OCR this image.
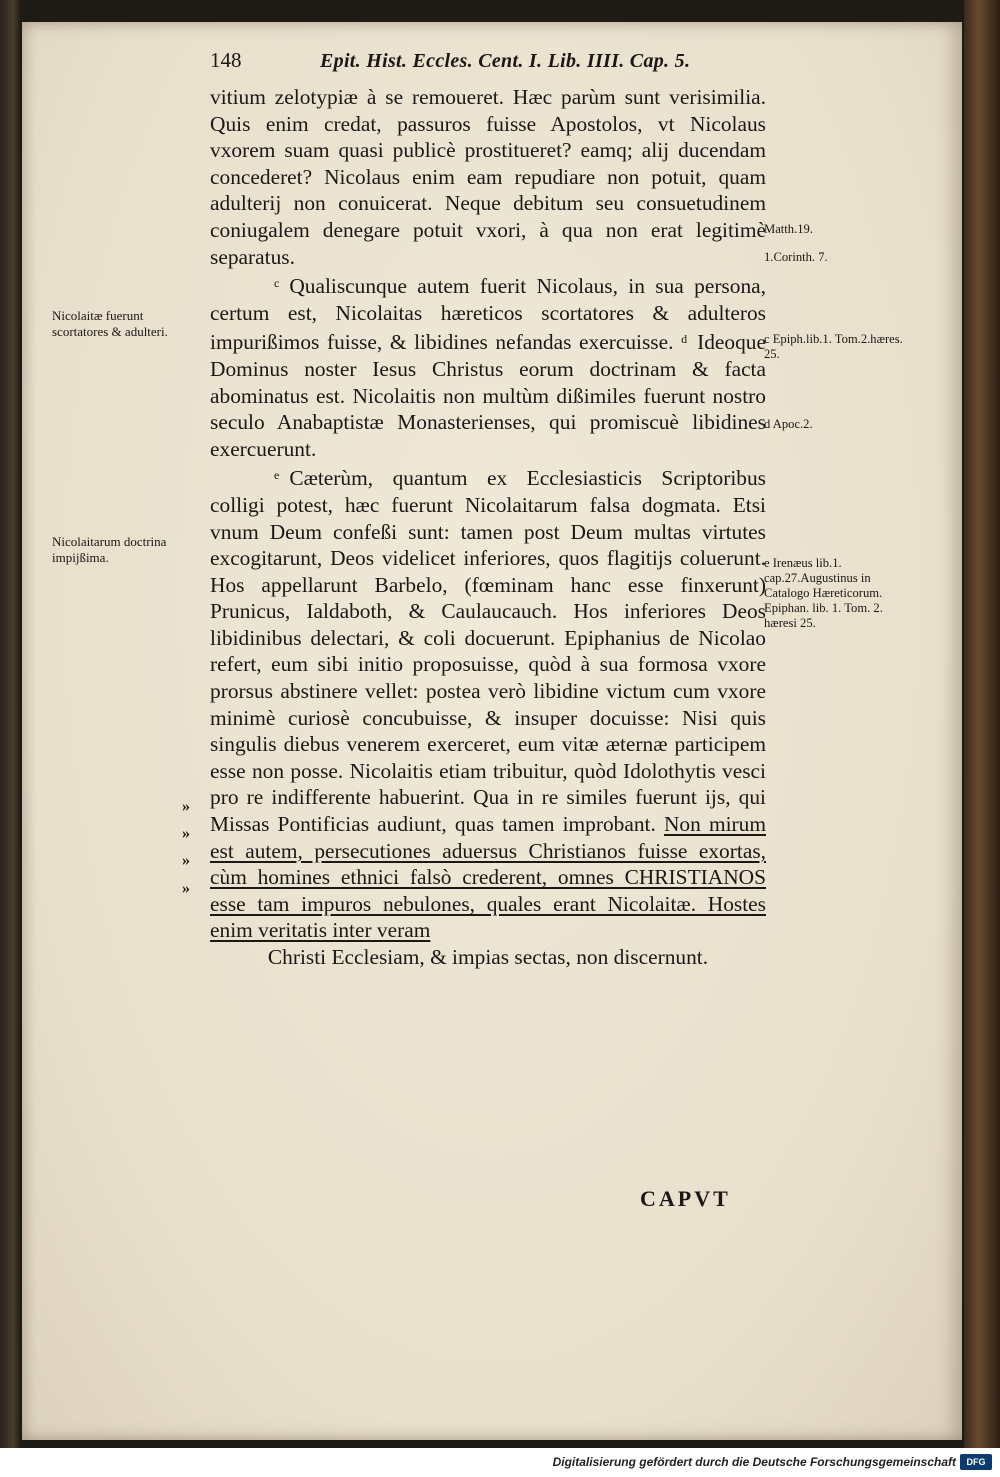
148	Epit. Hist. Eccles. Cent. I. Lib. IIII. Cap. 5.

vitium zelotypiæ à se remoueret. Hæc parùm sunt verisimilia. Quis enim credat, passuros fuisse Apostolos, vt Nicolaus vxorem suam quasi publicè prostitueret? eamq; alij ducendam concederet? Nicolaus enim eam repudiare non potuit, quam adulterij non conuicerat. Neque debitum seu consuetudinem coniugalem denegare potuit vxori, à qua non erat legitimè separatus.

$^c$ Qualiscunque autem fuerit Nicolaus, in sua persona, certum est, Nicolaitas hæreticos scortatores & adulteros impurißimos fuisse, & libidines nefandas exercuisse. $^d$ Ideoque Dominus noster Iesus Christus eorum doctrinam & facta abominatus est. Nicolaitis non multùm dißimiles fuerunt nostro seculo Anabaptistæ Monasterienses, qui promiscuè libidines exercuerunt.

$^e$ Cæterùm, quantum ex Ecclesiasticis Scriptoribus colligi potest, hæc fuerunt Nicolaitarum falsa dogmata. Etsi vnum Deum confeßi sunt: tamen post Deum multas virtutes excogitarunt, Deos videlicet inferiores, quos flagitijs coluerunt. Hos appellarunt Barbelo, (fœminam hanc esse finxerunt) Prunicus, Ialdaboth, & Caulaucauch. Hos inferiores Deos libidinibus delectari, & coli docuerunt. Epiphanius de Nicolao refert, eum sibi initio proposuisse, quòd à sua formosa vxore prorsus abstinere vellet: postea verò libidine victum cum vxore minimè curiosè concubuisse, & insuper docuisse: Nisi quis singulis diebus venerem exerceret, eum vitæ æternæ participem esse non posse. Nicolaitis etiam tribuitur, quòd Idolothytis vesci pro re indifferente habuerint. Qua in re similes fuerunt ijs, qui Missas Pontificias audiunt, quas tamen improbant. Non mirum est autem, persecutiones aduersus Christianos fuisse exortas, cùm homines ethnici falsò crederent, omnes CHRISTIANOS esse tam impuros nebulones, quales erant Nicolaitæ. Hostes enim veritatis inter veram

Christi Ecclesiam, & impias sectas, non discernunt.

Nicolaitæ fuerunt scortatores & adulteri.
Nicolaitarum doctrina impijßima.
Matth.19.
1.Corinth. 7.
c Epiph.lib.1. Tom.2.hæres. 25.
d Apoc.2.
e Irenæus lib.1. cap.27.Augustinus in Catalogo Hæreticorum. Epiphan. lib. 1. Tom. 2. hæresi 25.
»
»
»
»
CAPVT
Digitalisierung gefördert durch die Deutsche Forschungsgemeinschaft	DFG
